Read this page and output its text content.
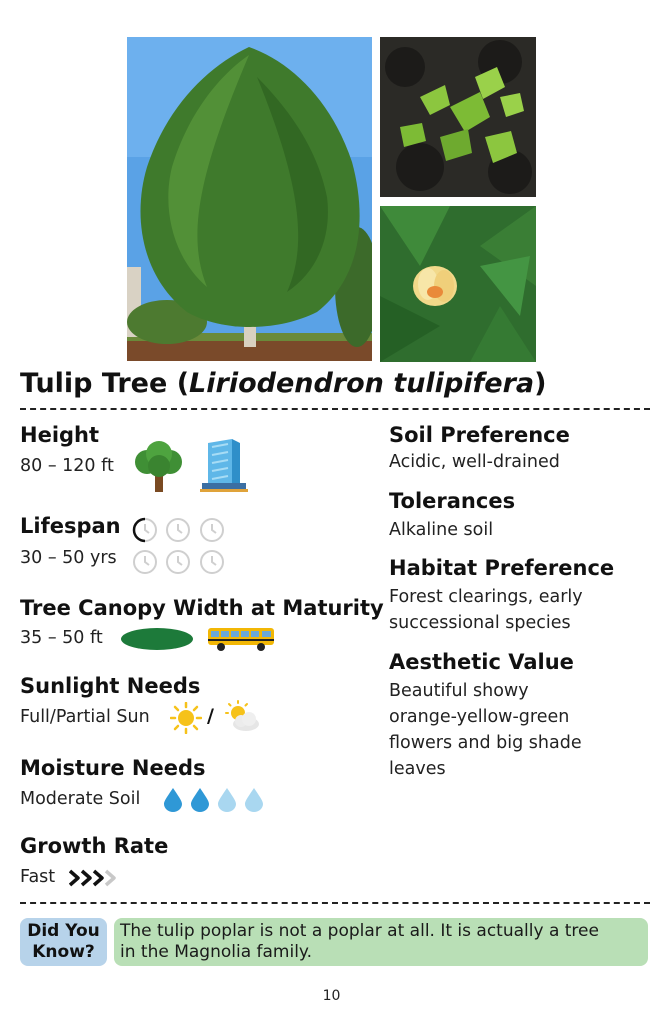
Tulip Tree (Liriodendron tulipifera)
Height
80 – 120 ft
Lifespan
30 – 50 yrs
Tree Canopy Width at Maturity
35 – 50 ft
Sunlight Needs
Full/Partial Sun	/
Moisture Needs
Moderate Soil
Growth Rate
Fast
Soil Preference
Acidic, well-drained
Tolerances
Alkaline soil
Habitat Preference
Forest clearings, early
successional species
Aesthetic Value
Beautiful showy
orange-yellow-green
flowers and big shade
leaves
Did You
Know?
The tulip poplar is not a poplar at all. It is actually a tree
in the Magnolia family.
10
